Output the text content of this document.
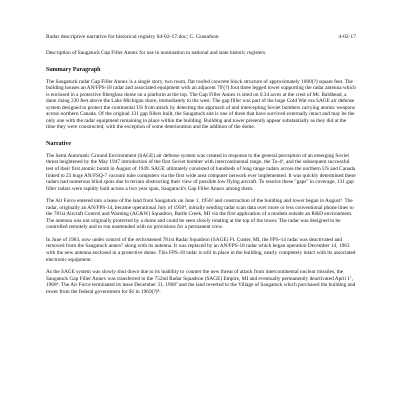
Radar descriptive narrative for historical registry 04-02-17.doc; C. Gustafson	4-02-17

Description of Saugatuck Gap Filler Annex for use in nomination to national and state historic registers.

Summary Paragraph

The Saugatuck radar Gap Filler Annex is a single story, two room, flat roofed concrete block structure of approximately 1000(?) square feet. The building houses an AN/FPS-18 radar and associated equipment with an adjacent 70'(?) foot three legged tower supporting the radar antenna which is enclosed in a protective fiberglass dome on a platform at the top. The Gap Filler Annex is sited on 0.34 acres at the crest of Mt. Baldhead, a dune rising 230 feet above the Lake Michigan shore, immediately to the west. The gap filler was part of the huge Cold War era SAGE air defense system designed to protect the continental US from attack by detecting the approach of and intercepting Soviet bombers carrying atomic weapons across northern Canada. Of the original 131 gap fillers built, the Saugatuck site is one of three that have survived externally intact and may be the only one with the radar equipment remaining in place within the building. Building and tower presently appear substantially as they did at the time they were constructed, with the exception of some deterioration and the addition of the dome.

Narrative

The Semi Automatic Ground Environment (SAGE) air defense system was created in response to the general perception of an emerging Soviet threat heightened by the May 1947 introduction of the first Soviet bomber with intercontinental range, the Tu-4¹, and the subsequent successful test of their first atomic bomb in August of 1949. SAGE ultimately consisted of hundreds of long range radars across the northern US and Canada linked to 23 huge AN/FSQ-7 vacuum tube computers via the first wide area computer network ever implemented. It was quickly determined these radars had numerous blind spots due to terrain obstructing their view of possible low flying aircraft. To resolve these "gaps" in coverage, 131 gap filler radars were rapidly built across a two year span, Saugatuck's Gap Filler Annex among them.

The Air Force entered into a lease of the land from Saugatuck on June 1, 1956² and construction of the building and tower began in August³. The radar, originally an AN/FPS-14, became operational July of 1958⁴, initially sending radar scan data over more or less conventional phone lines to the 781st Aircraft Control and Warning (AC&W) Squadron, Battle Creek, MI via the first application of a modem outside an R&D environment. The antenna was not originally protected by a dome and could be seen slowly rotating at the top of the tower. The radar was designed to be controlled remotely and to run unattended with no provisions for a permanent crew.

In June of 1963, now under control of the rechristened 781st Radar Squadron (SAGE) Ft. Custer, MI, the FPS-14 radar was deactivated and removed from the Saugatuck annex⁵ along with its antenna. It was replaced by an AN/FPS-18 radar which began operation December 14, 1963 with the new antenna enclosed in a protective dome. This FPS-18 radar is still in place in the building, nearly completely intact with its associated electronic equipment.

As the SAGE system was slowly shut down due to its inability to counter the new threat of attack from intercontinental nuclear missiles, the Saugatuck Gap Filler Annex was transferred to the 752nd Radar Squadron (SAGE) Empire, MI and eventually permanently deactivated April 1⁷, 1968⁶. The Air Force terminated its lease December 31, 1968⁷ and the land reverted to the Village of Saugatuck which purchased the building and tower from the federal government for $1 in 1969(?)⁸.
